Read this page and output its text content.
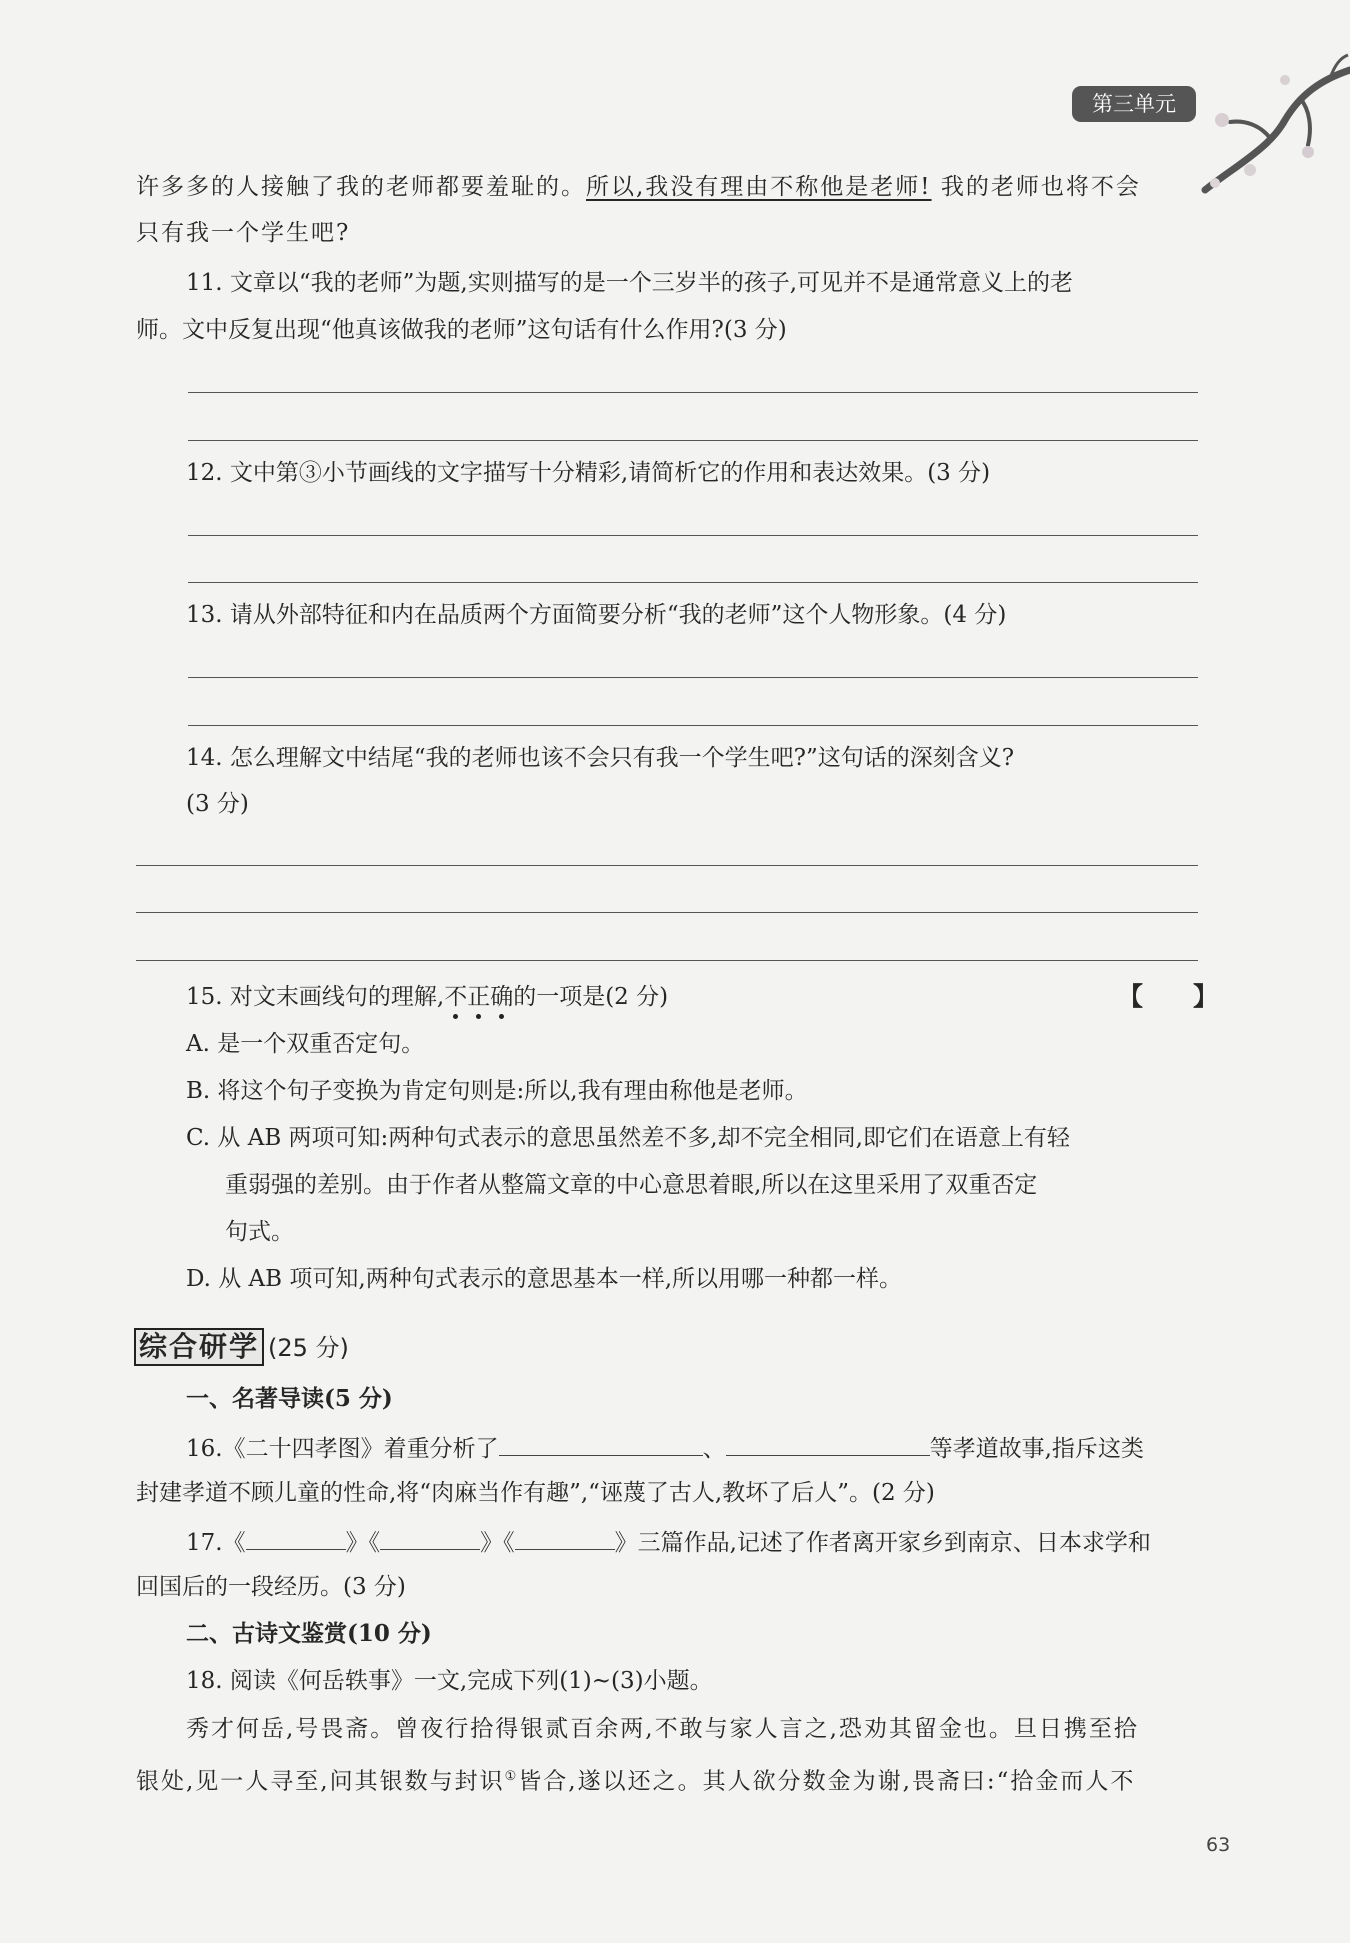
第三单元
许多多的人接触了我的老师都要羞耻的。所以,我没有理由不称他是老师! 我的老师也将不会
只有我一个学生吧?
11. 文章以“我的老师”为题,实则描写的是一个三岁半的孩子,可见并不是通常意义上的老
师。文中反复出现“他真该做我的老师”这句话有什么作用?(3 分)
12. 文中第③小节画线的文字描写十分精彩,请简析它的作用和表达效果。(3 分)
13. 请从外部特征和内在品质两个方面简要分析“我的老师”这个人物形象。(4 分)
14. 怎么理解文中结尾“我的老师也该不会只有我一个学生吧?”这句话的深刻含义?
(3 分)
15. 对文末画线句的理解,不正确
的一项是(2 分)	【　　】
A. 是一个双重否定句。
B. 将这个句子变换为肯定句则是:所以,我有理由称他是老师。
C. 从 AB 两项可知:两种句式表示的意思虽然差不多,却不完全相同,即它们在语意上有轻
重弱强的差别。由于作者从整篇文章的中心意思着眼,所以在这里采用了双重否定
句式。
D. 从 AB 项可知,两种句式表示的意思基本一样,所以用哪一种都一样。
综合研学 (25 分)
一、名著导读(5 分)
16.《二十四孝图》着重分析了	、	等孝道故事,指斥这类
封建孝道不顾儿童的性命,将“肉麻当作有趣”,“诬蔑了古人,教坏了后人”。(2 分)
17.《	》《	》《	》三篇作品,记述了作者离开家乡到南京、日本求学和
回国后的一段经历。(3 分)
二、古诗文鉴赏(10 分)
18. 阅读《何岳轶事》一文,完成下列(1)~(3)小题。
秀才何岳,号畏斋。曾夜行拾得银贰百余两,不敢与家人言之,恐劝其留金也。旦日携至拾
银处,见一人寻至,问其银数与封识①皆合,遂以还之。其人欲分数金为谢,畏斋曰:“拾金而人不
63
